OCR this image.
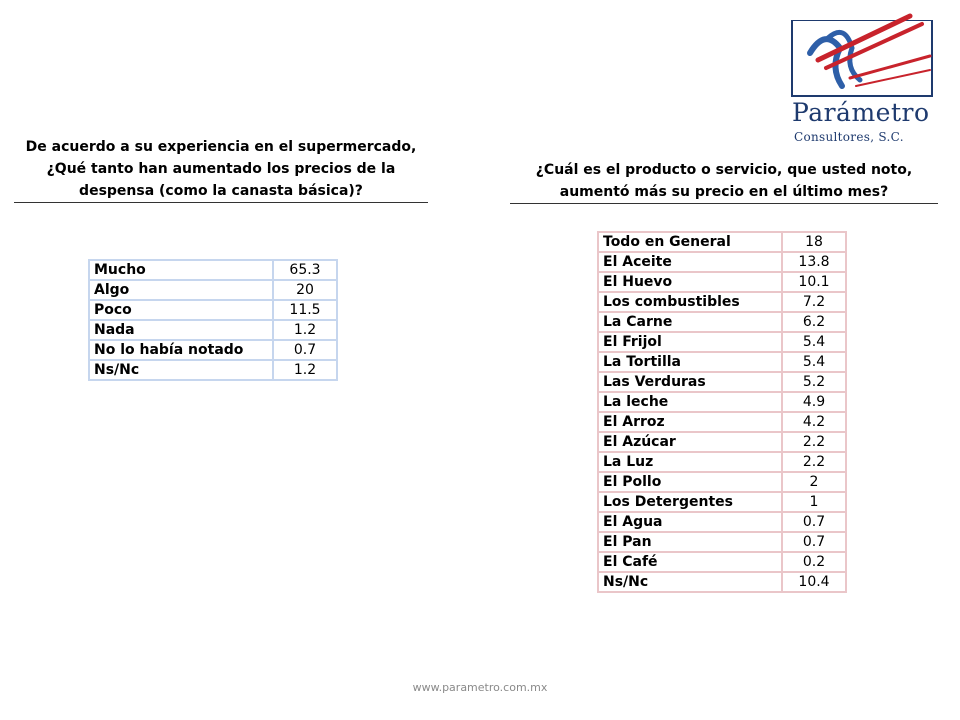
Parámetro
Consultores, S.C.
De acuerdo a su experiencia en el supermercado, ¿Qué tanto han aumentado los precios de la despensa (como la canasta básica)?
¿Cuál es el producto o servicio, que usted noto, aumentó más su precio en el último mes?
Mucho	65.3
Algo	20
Poco	11.5
Nada	1.2
No lo había notado	0.7
Ns/Nc	1.2
Todo en General	18
El Aceite	13.8
El Huevo	10.1
Los combustibles	7.2
La Carne	6.2
El Frijol	5.4
La Tortilla	5.4
Las Verduras	5.2
La leche	4.9
El Arroz	4.2
El Azúcar	2.2
La Luz	2.2
El Pollo	2
Los Detergentes	1
El Agua	0.7
El Pan	0.7
El Café	0.2
Ns/Nc	10.4
www.parametro.com.mx
